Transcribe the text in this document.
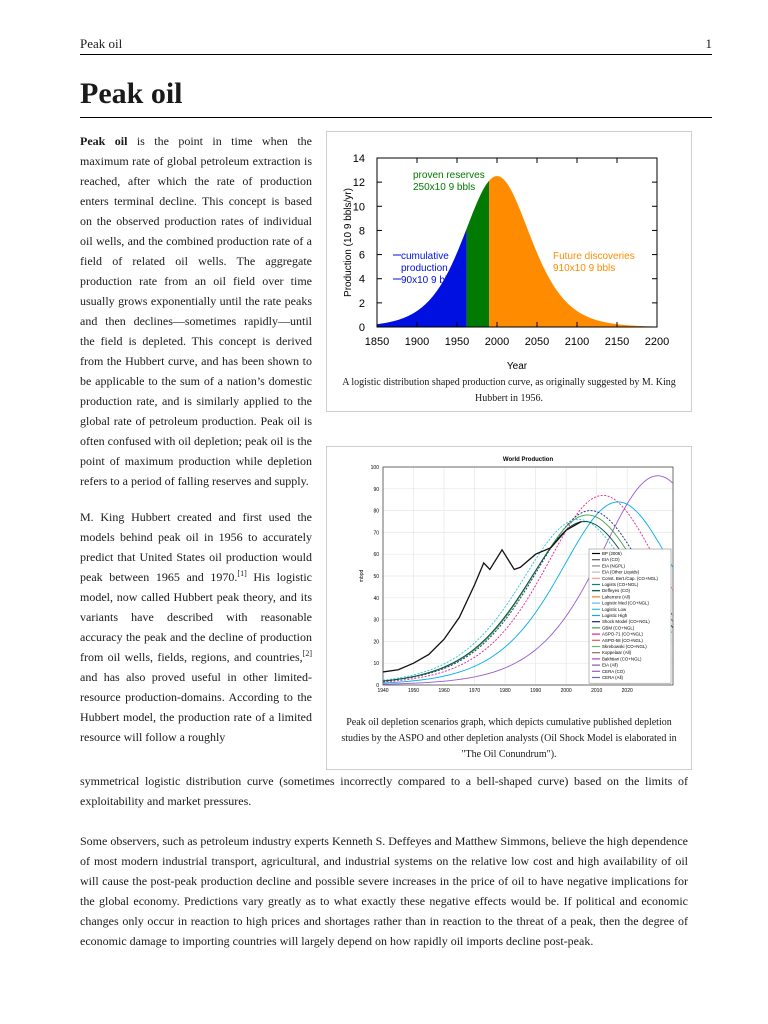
Peak oil	1
Peak oil

Peak oil is the point in time when the maximum rate of global petroleum extraction is reached, after which the rate of production enters terminal decline. This concept is based on the observed production rates of individual oil wells, and the combined production rate of a field of related oil wells. The aggregate production rate from an oil field over time usually grows exponentially until the rate peaks and then declines—sometimes rapidly—until the field is depleted. This concept is derived from the Hubbert curve, and has been shown to be applicable to the sum of a nation’s domestic production rate, and is similarly applied to the global rate of petroleum production. Peak oil is often confused with oil depletion; peak oil is the point of maximum production while depletion refers to a period of falling reserves and supply.

M. King Hubbert created and first used the models behind peak oil in 1956 to accurately predict that United States oil production would peak between 1965 and 1970.[1] His logistic model, now called Hubbert peak theory, and its variants have described with reasonable accuracy the peak and the decline of production from oil wells, fields, regions, and countries,[2] and has also proved useful in other limited-resource production-domains. According to the Hubbert model, the production rate of a limited resource will follow a roughly

0
2
4
6
8
10
12
14
1850 1900 1950 2000 2050 2100 2150 2200
Year
Production (10 9 bbls/yr)
proven reserves
250x10 9 bbls
cumulative
production
90x10 9 bbls
Future discoveries
910x10 9 bbls
A logistic distribution shaped production curve, as originally suggested by M. King Hubbert in 1956.
World Production
0
10
20
30
40
50
60
70
80
90
100
1940	1950	1960	1970	1980	1990	2000	2010	2020
mbpd
BP (2006)
EIA (CO)
EIA (NGPL)
EIA (Other Liquids)
Const. Bert./Cap. (CO+NGL)
Logists (CO+NGL)
Deffeyes (CO)
Laherrere (All)
Logistic Med (CO+NGL)
Logistic Low
Logistic High
Shock Model (CO+NGL)
GBM (CO+NGL)
ASPO-71 (CO+NGL)
ASPO-58 (CO+NGL)
Skrebowski (CO+NGL)
Koppelaar (All)
Bakhtiari (CO+NGL)
EIA (All)
CERA (CO)
CERA (All)
Peak oil depletion scenarios graph, which depicts cumulative published depletion studies by the ASPO and other depletion analysts (Oil Shock Model is elaborated in "The Oil Conundrum").

symmetrical logistic distribution curve (sometimes incorrectly compared to a bell-shaped curve) based on the limits of exploitability and market pressures.

Some observers, such as petroleum industry experts Kenneth S. Deffeyes and Matthew Simmons, believe the high dependence of most modern industrial transport, agricultural, and industrial systems on the relative low cost and high availability of oil will cause the post-peak production decline and possible severe increases in the price of oil to have negative implications for the global economy. Predictions vary greatly as to what exactly these negative effects would be. If political and economic changes only occur in reaction to high prices and shortages rather than in reaction to the threat of a peak, then the degree of economic damage to importing countries will largely depend on how rapidly oil imports decline post-peak.
